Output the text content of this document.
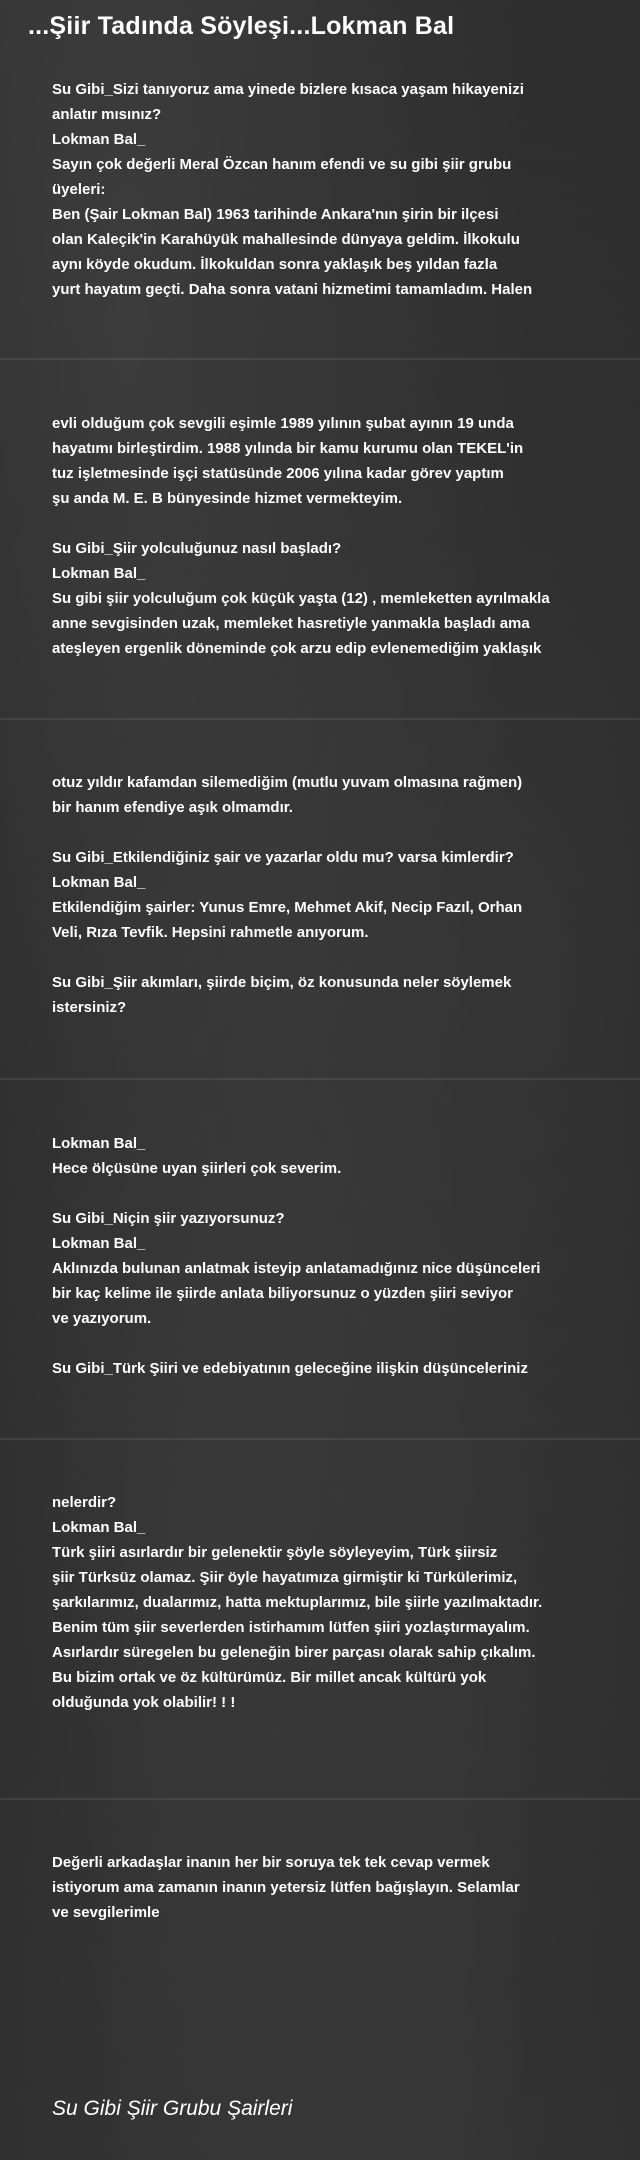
...Şiir Tadında Söyleşi...Lokman Bal
Su Gibi_Sizi tanıyoruz ama yinede bizlere kısaca yaşam hikayenizi
anlatır mısınız?
Lokman Bal_
Sayın çok değerli Meral Özcan hanım efendi ve su gibi şiir grubu
üyeleri:
Ben (Şair Lokman Bal) 1963 tarihinde Ankara'nın şirin bir ilçesi
olan Kaleçik'in Karahüyük mahallesinde dünyaya geldim. İlkokulu
aynı köyde okudum. İlkokuldan sonra yaklaşık beş yıldan fazla
yurt hayatım geçti. Daha sonra vatani hizmetimi tamamladım. Halen
evli olduğum çok sevgili eşimle 1989 yılının şubat ayının 19 unda
hayatımı birleştirdim. 1988 yılında bir kamu kurumu olan TEKEL'in
tuz işletmesinde işçi statüsünde 2006 yılına kadar görev yaptım
şu anda M. E. B bünyesinde hizmet vermekteyim.

Su Gibi_Şiir yolculuğunuz nasıl başladı?
Lokman Bal_
Su gibi şiir yolculuğum çok küçük yaşta (12) , memleketten ayrılmakla
anne sevgisinden uzak, memleket hasretiyle yanmakla başladı ama
ateşleyen ergenlik döneminde çok arzu edip evlenemediğim yaklaşık
otuz yıldır kafamdan silemediğim (mutlu yuvam olmasına rağmen)
bir hanım efendiye aşık olmamdır.

Su Gibi_Etkilendiğiniz şair ve yazarlar oldu mu? varsa kimlerdir?
Lokman Bal_
Etkilendiğim şairler: Yunus Emre, Mehmet Akif, Necip Fazıl, Orhan
Veli, Rıza Tevfik. Hepsini rahmetle anıyorum.

Su Gibi_Şiir akımları, şiirde biçim, öz konusunda neler söylemek
istersiniz?
Lokman Bal_
Hece ölçüsüne uyan şiirleri çok severim.

Su Gibi_Niçin şiir yazıyorsunuz?
Lokman Bal_
Aklınızda bulunan anlatmak isteyip anlatamadığınız nice düşünceleri
bir kaç kelime ile şiirde anlata biliyorsunuz o yüzden şiiri seviyor
ve yazıyorum.

Su Gibi_Türk Şiiri ve edebiyatının geleceğine ilişkin düşünceleriniz
nelerdir?
Lokman Bal_
Türk şiiri asırlardır bir gelenektir şöyle söyleyeyim, Türk şiirsiz
şiir Türksüz olamaz. Şiir öyle hayatımıza girmiştir ki Türkülerimiz,
şarkılarımız, dualarımız, hatta mektuplarımız, bile şiirle yazılmaktadır.
Benim tüm şiir severlerden istirhamım lütfen şiiri yozlaştırmayalım.
Asırlardır süregelen bu geleneğin birer parçası olarak sahip çıkalım.
Bu bizim ortak ve öz kültürümüz. Bir millet ancak kültürü yok
olduğunda yok olabilir! ! !
Değerli arkadaşlar inanın her bir soruya tek tek cevap vermek
istiyorum ama zamanın inanın yetersiz lütfen bağışlayın. Selamlar
ve sevgilerimle
Su Gibi Şiir Grubu Şairleri
